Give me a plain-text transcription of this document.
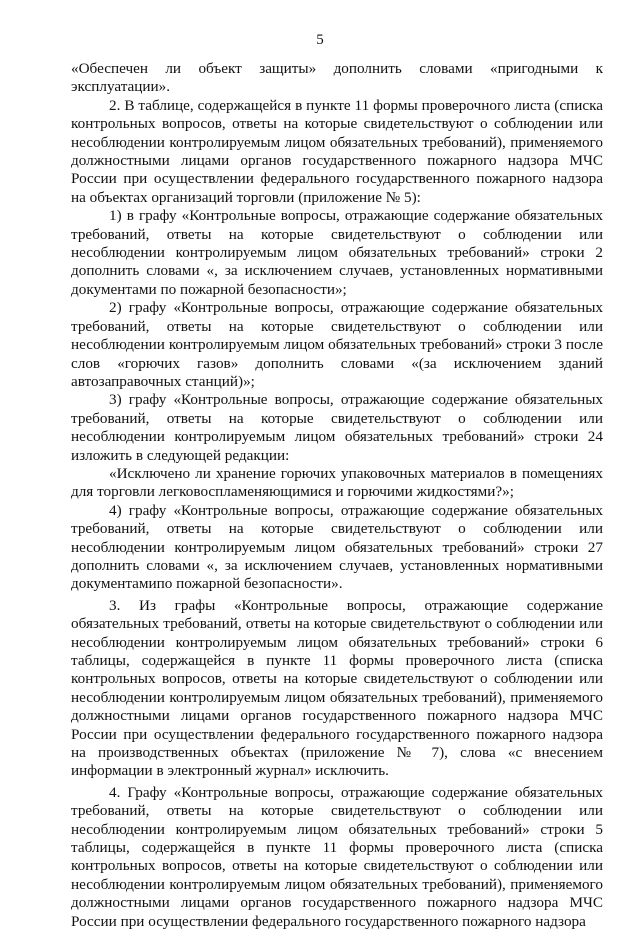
5

«Обеспечен ли объект защиты» дополнить словами «пригодными к эксплуатации».

2. В таблице, содержащейся в пункте 11 формы проверочного листа (списка контрольных вопросов, ответы на которые свидетельствуют о соблюдении или несоблюдении контролируемым лицом обязательных требований), применяемого должностными лицами органов государственного пожарного надзора МЧС России при осуществлении федерального государственного пожарного надзора на объектах организаций торговли (приложение № 5):

1) в графу «Контрольные вопросы, отражающие содержание обязательных требований, ответы на которые свидетельствуют о соблюдении или несоблюдении контролируемым лицом обязательных требований» строки 2 дополнить словами «, за исключением случаев, установленных нормативными документами по пожарной безопасности»;

2) графу «Контрольные вопросы, отражающие содержание обязательных требований, ответы на которые свидетельствуют о соблюдении или несоблюдении контролируемым лицом обязательных требований» строки 3 после слов «горючих газов» дополнить словами «(за исключением зданий автозаправочных станций)»;

3) графу «Контрольные вопросы, отражающие содержание обязательных требований, ответы на которые свидетельствуют о соблюдении или несоблюдении контролируемым лицом обязательных требований» строки 24 изложить в следующей редакции:

«Исключено ли хранение горючих упаковочных материалов в помещениях для торговли легковоспламеняющимися и горючими жидкостями?»;

4) графу «Контрольные вопросы, отражающие содержание обязательных требований, ответы на которые свидетельствуют о соблюдении или несоблюдении контролируемым лицом обязательных требований» строки 27 дополнить словами «, за исключением случаев, установленных нормативными документамипо пожарной безопасности».

3. Из графы «Контрольные вопросы, отражающие содержание обязательных требований, ответы на которые свидетельствуют о соблюдении или несоблюдении контролируемым лицом обязательных требований» строки 6 таблицы, содержащейся в пункте 11 формы проверочного листа (списка контрольных вопросов, ответы на которые свидетельствуют о соблюдении или несоблюдении контролируемым лицом обязательных требований), применяемого должностными лицами органов государственного пожарного надзора МЧС России при осуществлении федерального государственного пожарного надзора на производственных объектах (приложение № 7), слова «с внесением информации в электронный журнал» исключить.

4. Графу «Контрольные вопросы, отражающие содержание обязательных требований, ответы на которые свидетельствуют о соблюдении или несоблюдении контролируемым лицом обязательных требований» строки 5 таблицы, содержащейся в пункте 11 формы проверочного листа (списка контрольных вопросов, ответы на которые свидетельствуют о соблюдении или несоблюдении контролируемым лицом обязательных требований), применяемого должностными лицами органов государственного пожарного надзора МЧС России при осуществлении федерального государственного пожарного надзора
